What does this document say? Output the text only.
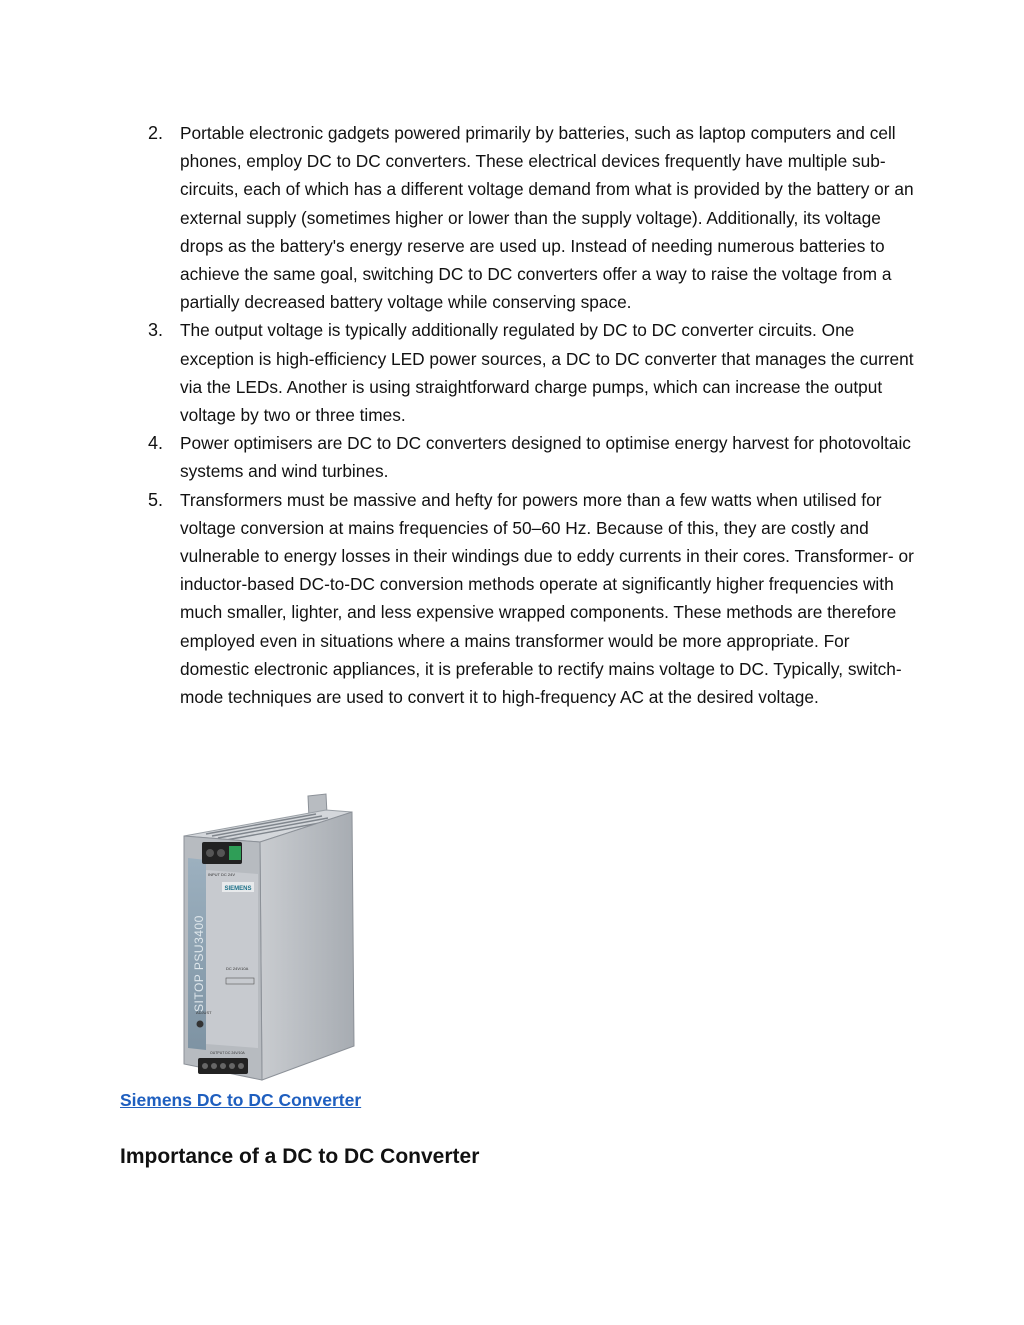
2. Portable electronic gadgets powered primarily by batteries, such as laptop computers and cell phones, employ DC to DC converters. These electrical devices frequently have multiple sub-circuits, each of which has a different voltage demand from what is provided by the battery or an external supply (sometimes higher or lower than the supply voltage). Additionally, its voltage drops as the battery's energy reserve are used up. Instead of needing numerous batteries to achieve the same goal, switching DC to DC converters offer a way to raise the voltage from a partially decreased battery voltage while conserving space.
3. The output voltage is typically additionally regulated by DC to DC converter circuits. One exception is high-efficiency LED power sources, a DC to DC converter that manages the current via the LEDs. Another is using straightforward charge pumps, which can increase the output voltage by two or three times.
4. Power optimisers are DC to DC converters designed to optimise energy harvest for photovoltaic systems and wind turbines.
5. Transformers must be massive and hefty for powers more than a few watts when utilised for voltage conversion at mains frequencies of 50–60 Hz. Because of this, they are costly and vulnerable to energy losses in their windings due to eddy currents in their cores. Transformer- or inductor-based DC-to-DC conversion methods operate at significantly higher frequencies with much smaller, lighter, and less expensive wrapped components. These methods are therefore employed even in situations where a mains transformer would be more appropriate. For domestic electronic appliances, it is preferable to rectify mains voltage to DC. Typically, switch-mode techniques are used to convert it to high-frequency AC at the desired voltage.
SIEMENS
INPUT DC 24V
SITOP PSU3400	DC 24V/10A
ADJUST
OUTPUT DC 24V/10A
Siemens DC to DC Converter
Importance of a DC to DC Converter
